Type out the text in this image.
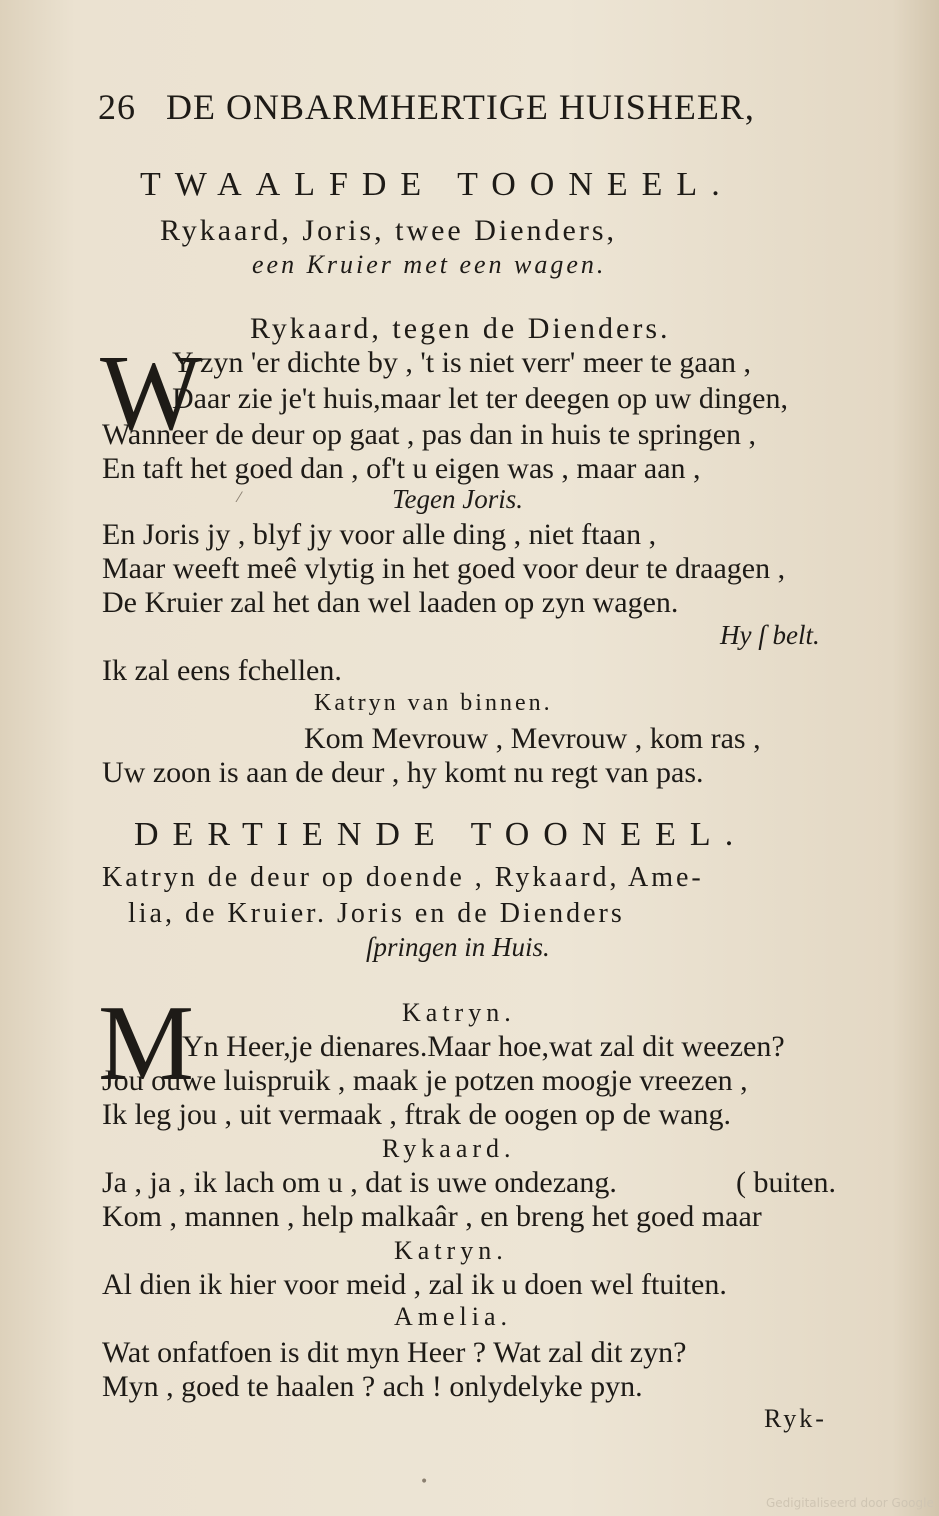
26 DE ONBARMHERTIGE HUISHEER,
TWAALFDE TOONEEL.
Rykaard, Joris, twee Dienders,
een Kruier met een wagen.
Rykaard, tegen de Dienders.
W
Y zyn 'er dichte by , 't is niet verr' meer te gaan ,
Daar zie je't huis,maar let ter deegen op uw dingen,
Wanneer de deur op gaat , pas dan in huis te springen ,
En taft het goed dan , of't u eigen was , maar aan ,
⁄	Tegen Joris.
En Joris jy , blyf jy voor alle ding , niet ftaan ,
Maar weeft meê vlytig in het goed voor deur te draagen ,
De Kruier zal het dan wel laaden op zyn wagen.
Hy ſ belt.
Ik zal eens fchellen.
Katryn van binnen.
Kom Mevrouw , Mevrouw , kom ras ,
Uw zoon is aan de deur , hy komt nu regt van pas.
DERTIENDE TOONEEL.
Katryn de deur op doende , Rykaard, Ame-
lia, de Kruier. Joris en de Dienders
ſpringen in Huis.
M	Katryn.
Yn Heer,je dienares.Maar hoe,wat zal dit weezen?
Jou ouwe luispruik , maak je potzen moogje vreezen ,
Ik leg jou , uit vermaak , ftrak de oogen op de wang.
Rykaard.
Ja , ja , ik lach om u , dat is uwe ondezang.	( buiten.
Kom , mannen , help malkaâr , en breng het goed maar
Katryn.
Al dien ik hier voor meid , zal ik u doen wel ftuiten.
Amelia.
Wat onfatfoen is dit myn Heer ? Wat zal dit zyn?
Myn , goed te haalen ? ach ! onlydelyke pyn.
Ryk-
•
Gedigitaliseerd door Google
